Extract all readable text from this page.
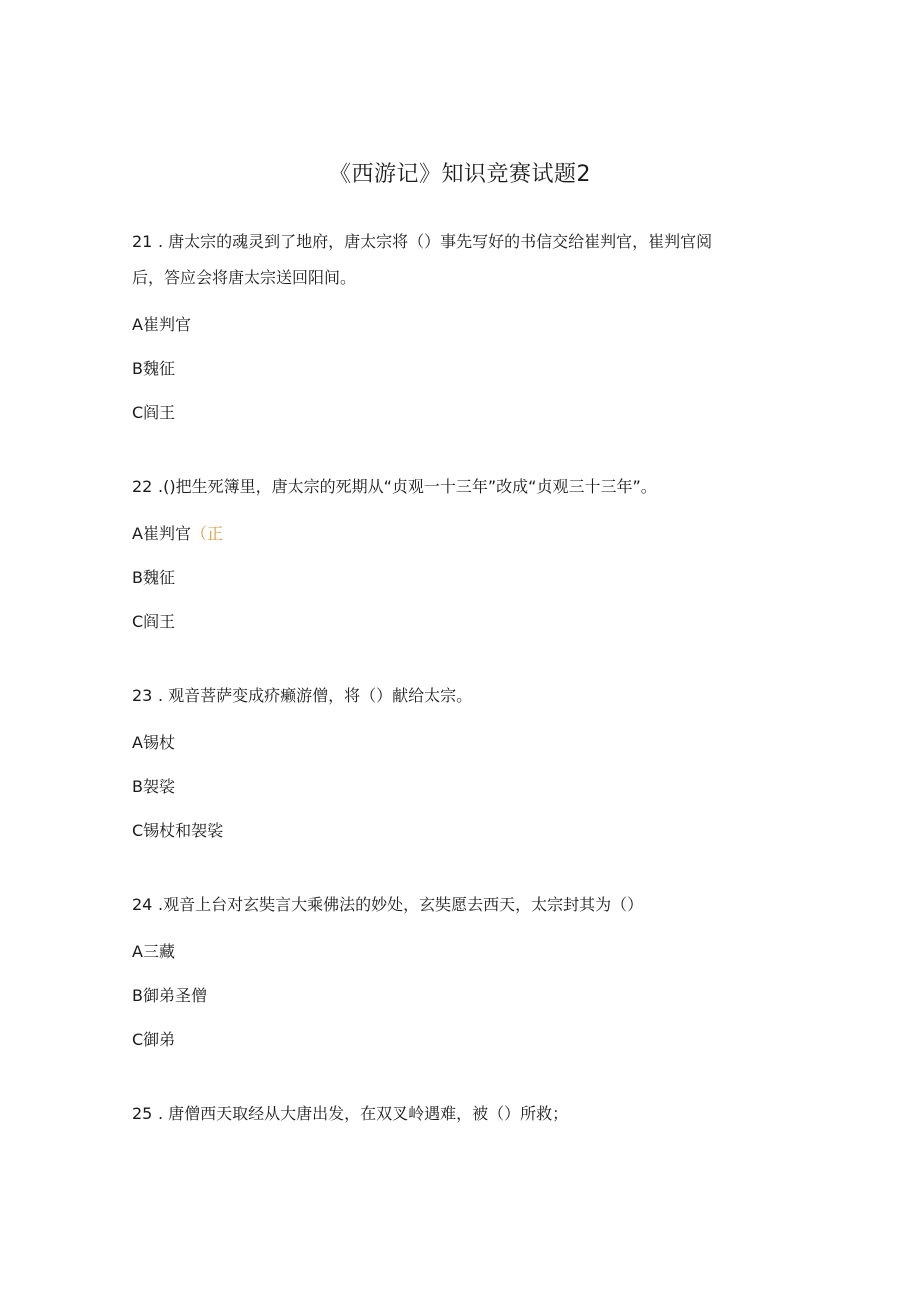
《西游记》知识竞赛试题2
21 . 唐太宗的魂灵到了地府，唐太宗将（）事先写好的书信交给崔判官，崔判官阅
后，答应会将唐太宗送回阳间。
A崔判官
B魏征
C阎王
22 .()把生死簿里，唐太宗的死期从“贞观一十三年”改成“贞观三十三年”。
A崔判官（正
B魏征
C阎王
23 . 观音菩萨变成疥癞游僧，将（）献给太宗。
A锡杖
B袈裟
C锡杖和袈裟
24 .观音上台对玄奘言大乘佛法的妙处，玄奘愿去西天，太宗封其为（）
A三藏
B御弟圣僧
C御弟
25 . 唐僧西天取经从大唐出发，在双叉岭遇难，被（）所救；
